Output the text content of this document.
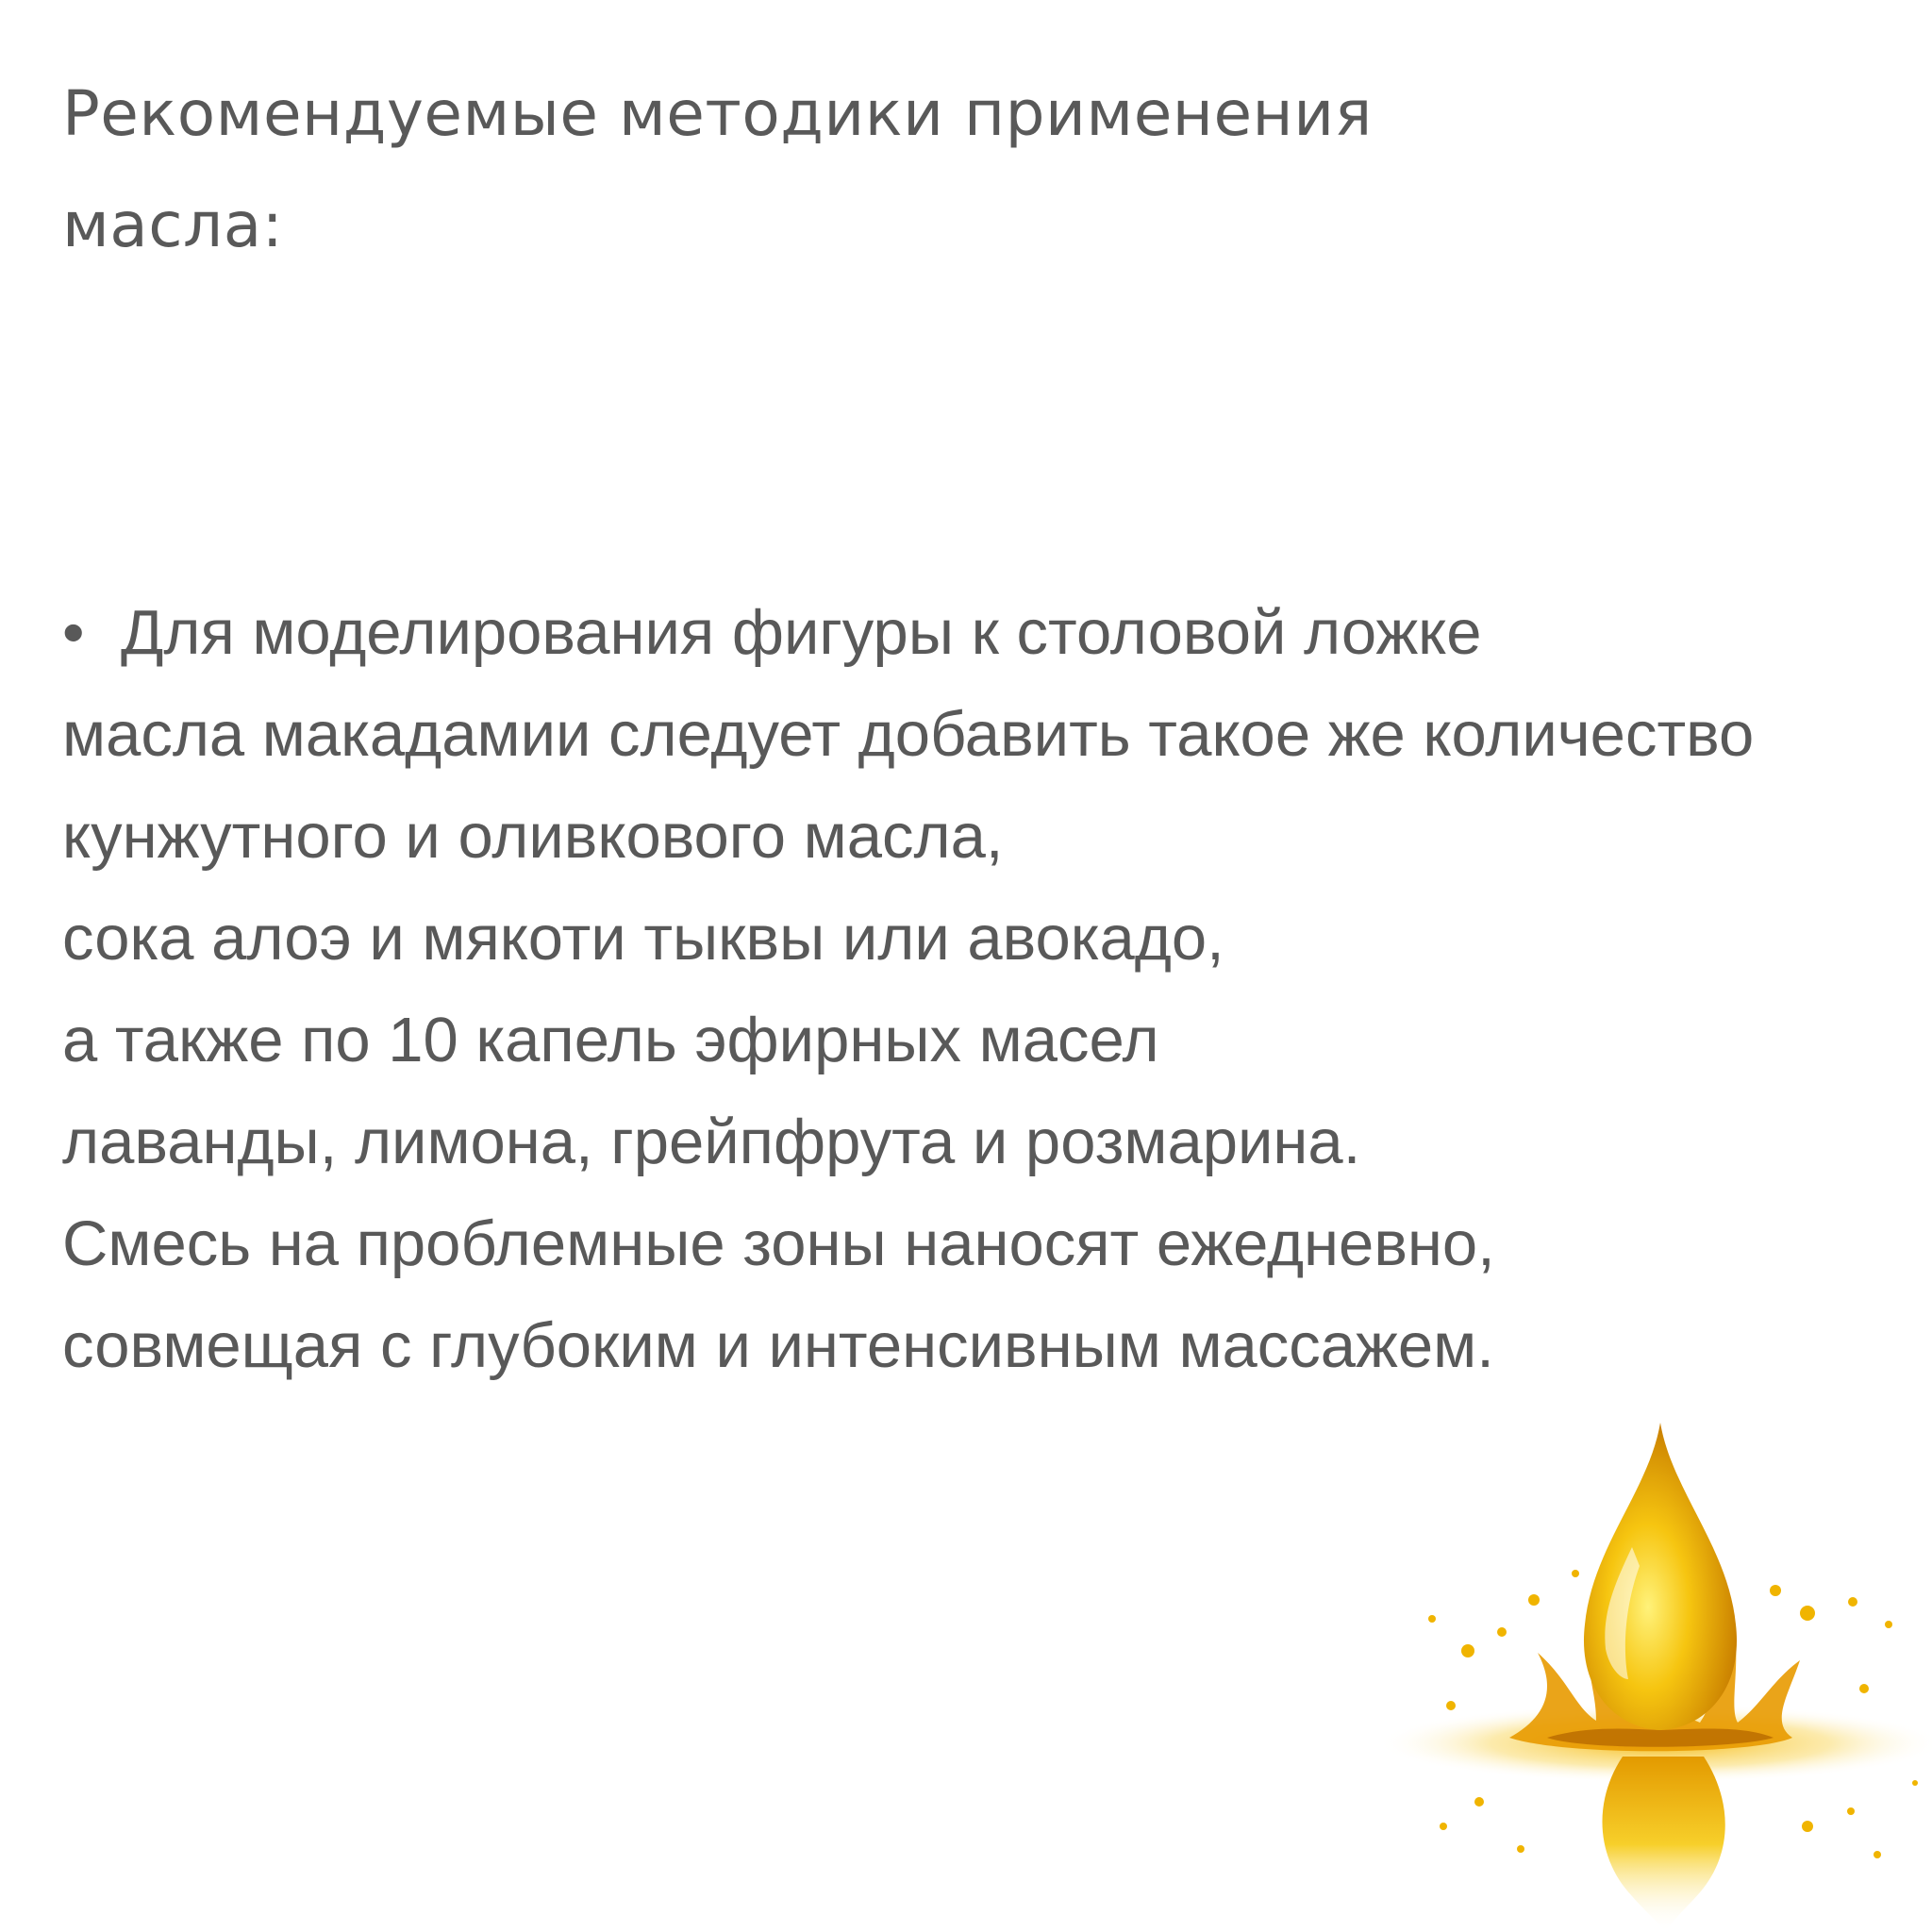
Рекомендуемые методики применения
масла:
• Для моделирования фигуры к столовой ложке
масла макадамии следует добавить такое же количество
кунжутного и оливкового масла,
сока алоэ и мякоти тыквы или авокадо,
а также по 10 капель эфирных масел
лаванды, лимона, грейпфрута и розмарина.
Смесь на проблемные зоны наносят ежедневно,
совмещая с глубоким и интенсивным массажем.
